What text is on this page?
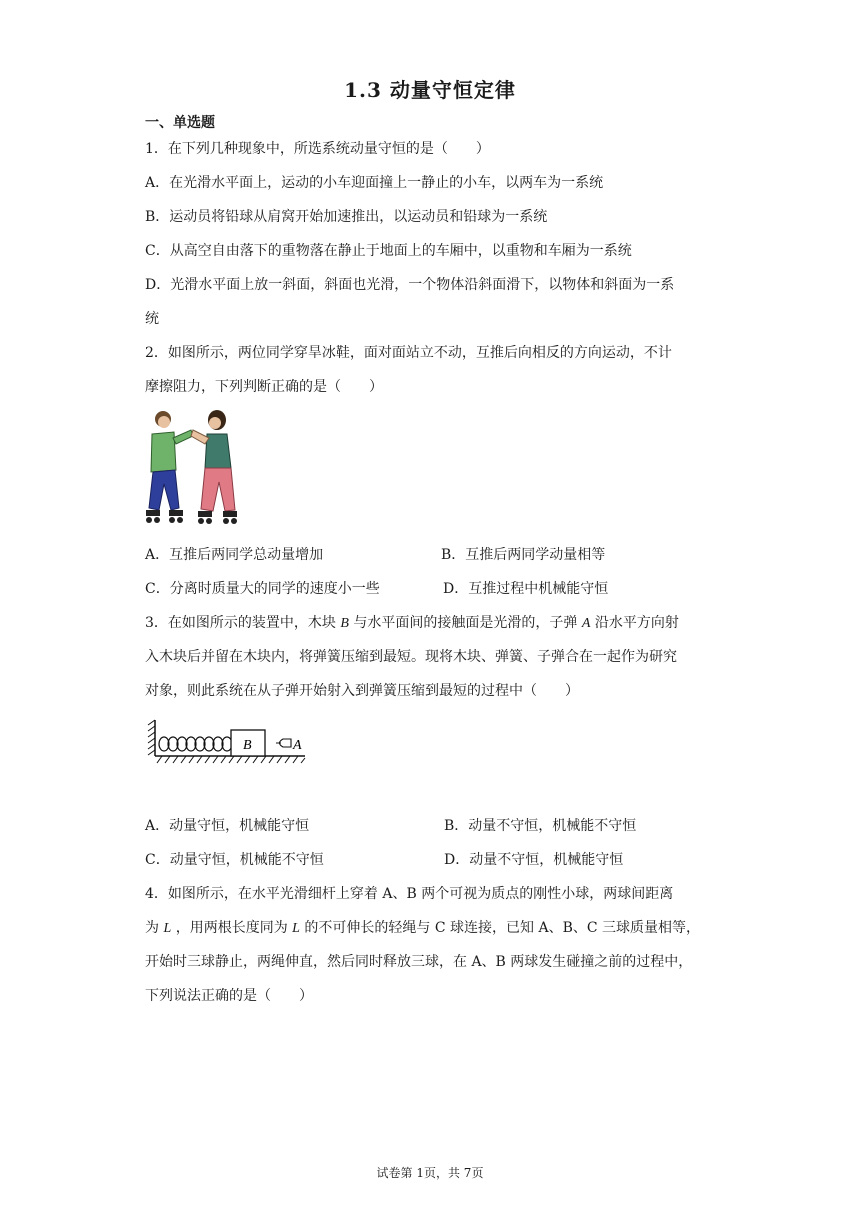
1.3 动量守恒定律
一、单选题
1．在下列几种现象中，所选系统动量守恒的是（　　）
A．在光滑水平面上，运动的小车迎面撞上一静止的小车，以两车为一系统
B．运动员将铅球从肩窝开始加速推出，以运动员和铅球为一系统
C．从高空自由落下的重物落在静止于地面上的车厢中，以重物和车厢为一系统
D．光滑水平面上放一斜面，斜面也光滑，一个物体沿斜面滑下，以物体和斜面为一系
统
2．如图所示，两位同学穿旱冰鞋，面对面站立不动，互推后向相反的方向运动，不计
摩擦阻力，下列判断正确的是（　　）
A．互推后两同学总动量增加	B．互推后两同学动量相等
C．分离时质量大的同学的速度小一些	D．互推过程中机械能守恒
3．在如图所示的装置中，木块 B 与水平面间的接触面是光滑的，子弹 A 沿水平方向射
入木块后并留在木块内，将弹簧压缩到最短。现将木块、弹簧、子弹合在一起作为研究
对象，则此系统在从子弹开始射入到弹簧压缩到最短的过程中（　　）
B	A
A．动量守恒，机械能守恒	B．动量不守恒，机械能不守恒
C．动量守恒，机械能不守恒	D．动量不守恒，机械能守恒
4．如图所示，在水平光滑细杆上穿着 A、B 两个可视为质点的刚性小球，两球间距离
为 L ，用两根长度同为 L 的不可伸长的轻绳与 C 球连接，已知 A、B、C 三球质量相等，
开始时三球静止，两绳伸直，然后同时释放三球，在 A、B 两球发生碰撞之前的过程中，
下列说法正确的是（　　）
试卷第 1页，共 7页
